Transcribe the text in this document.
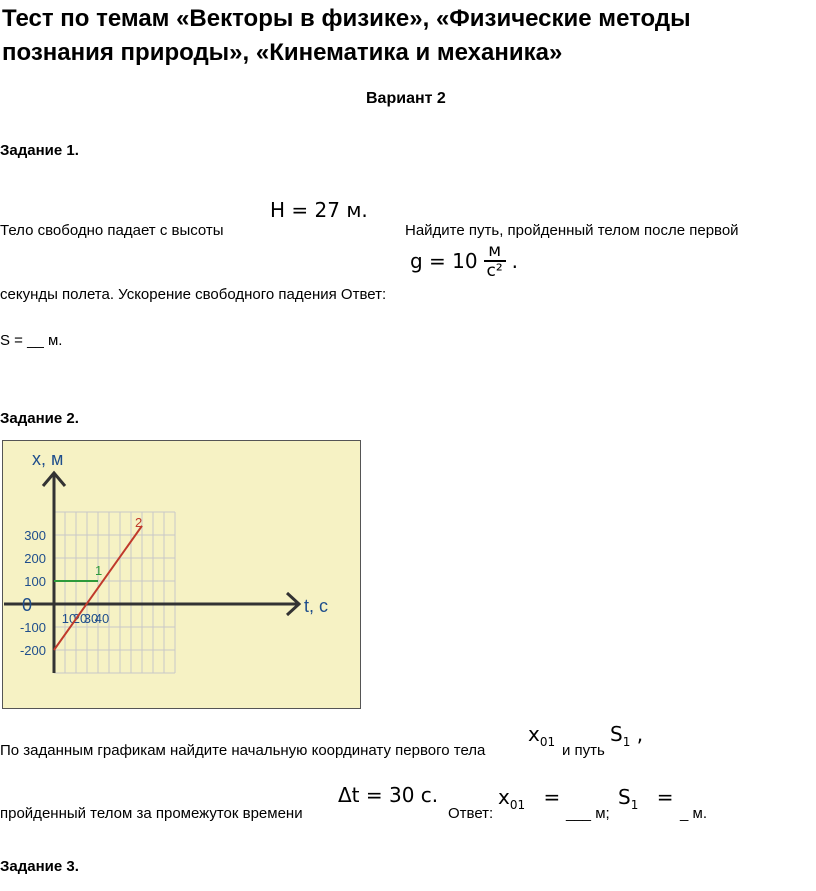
Тест по темам «Векторы в физике», «Физические методы познания природы», «Кинематика и механика»
Вариант 2
Задание 1.
Тело свободно падает с высоты
H = 27 м.
Найдите путь, пройденный телом после первой
$g = 10 \frac{м}{\text{c²}}$ .
секунды полета. Ускорение свободного падения Ответ:
S = __ м.
Задание 2.
x, м
t, c
300
200
100
0
-100
-200
10
20
30
40
1
2
По заданным графикам найдите начальную координату первого тела
$x_{01}$ и путь
$S_1$ ,
пройденный телом за промежуток времени
Δt = 30 c.
Ответ:
$x_{01}$ =
___ м;
$S_1$ =
_ м.
Задание 3.
